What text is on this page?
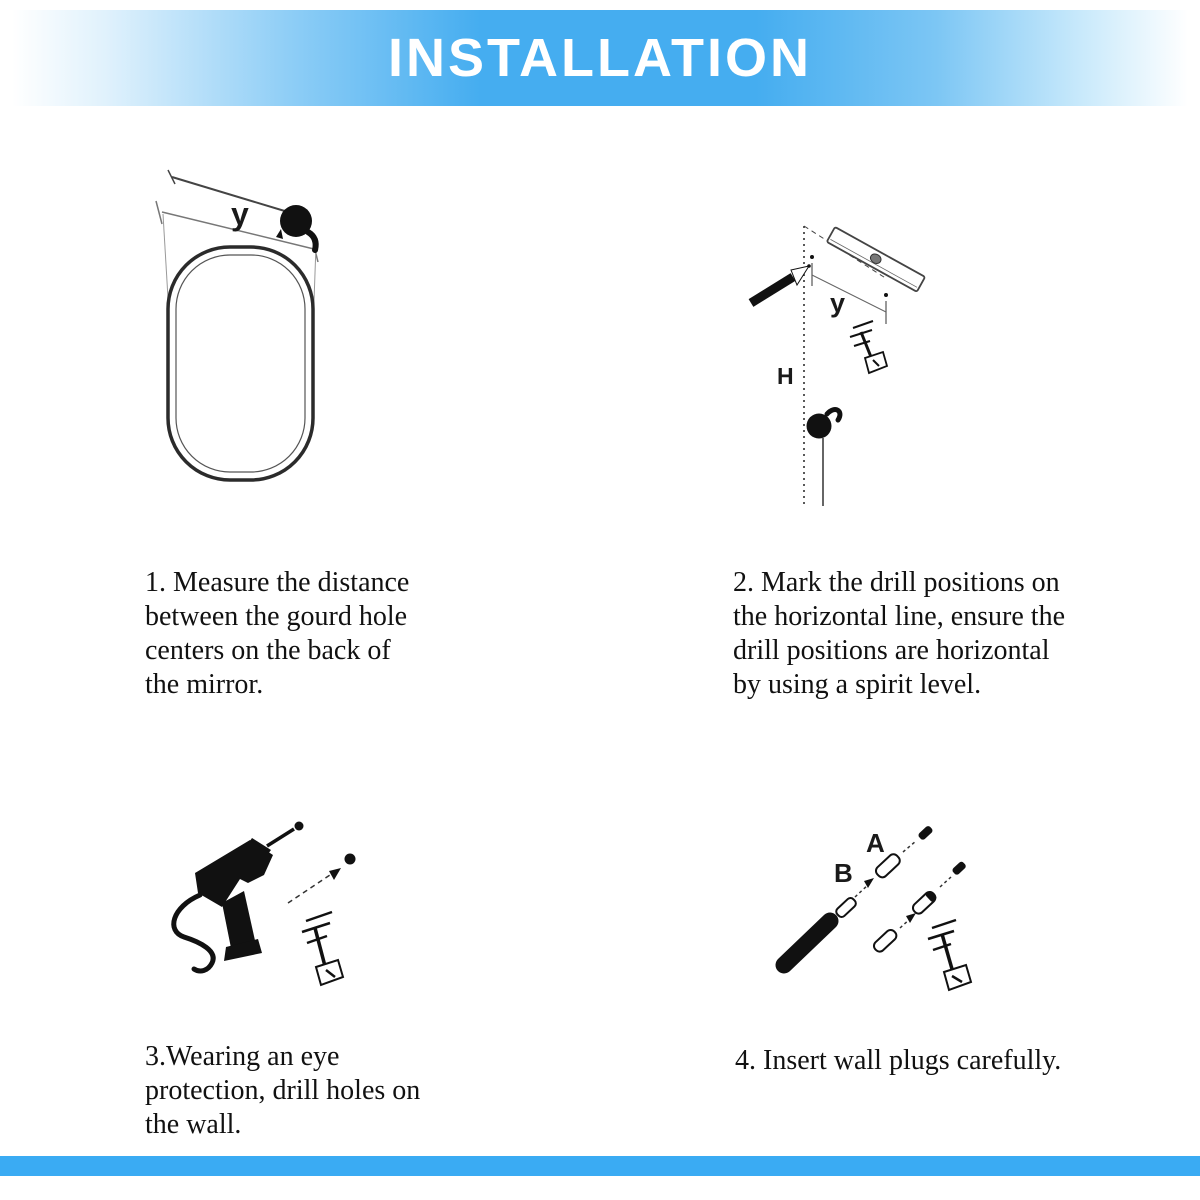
INSTALLATION
y
y
H
A
B
1. Measure the distance
between the gourd hole
centers on the back of
the mirror.
2. Mark the drill positions on
the horizontal line, ensure the
drill positions are horizontal
by using a spirit level.
3.Wearing an eye
protection, drill holes on
the wall.
4. Insert wall plugs carefully.
